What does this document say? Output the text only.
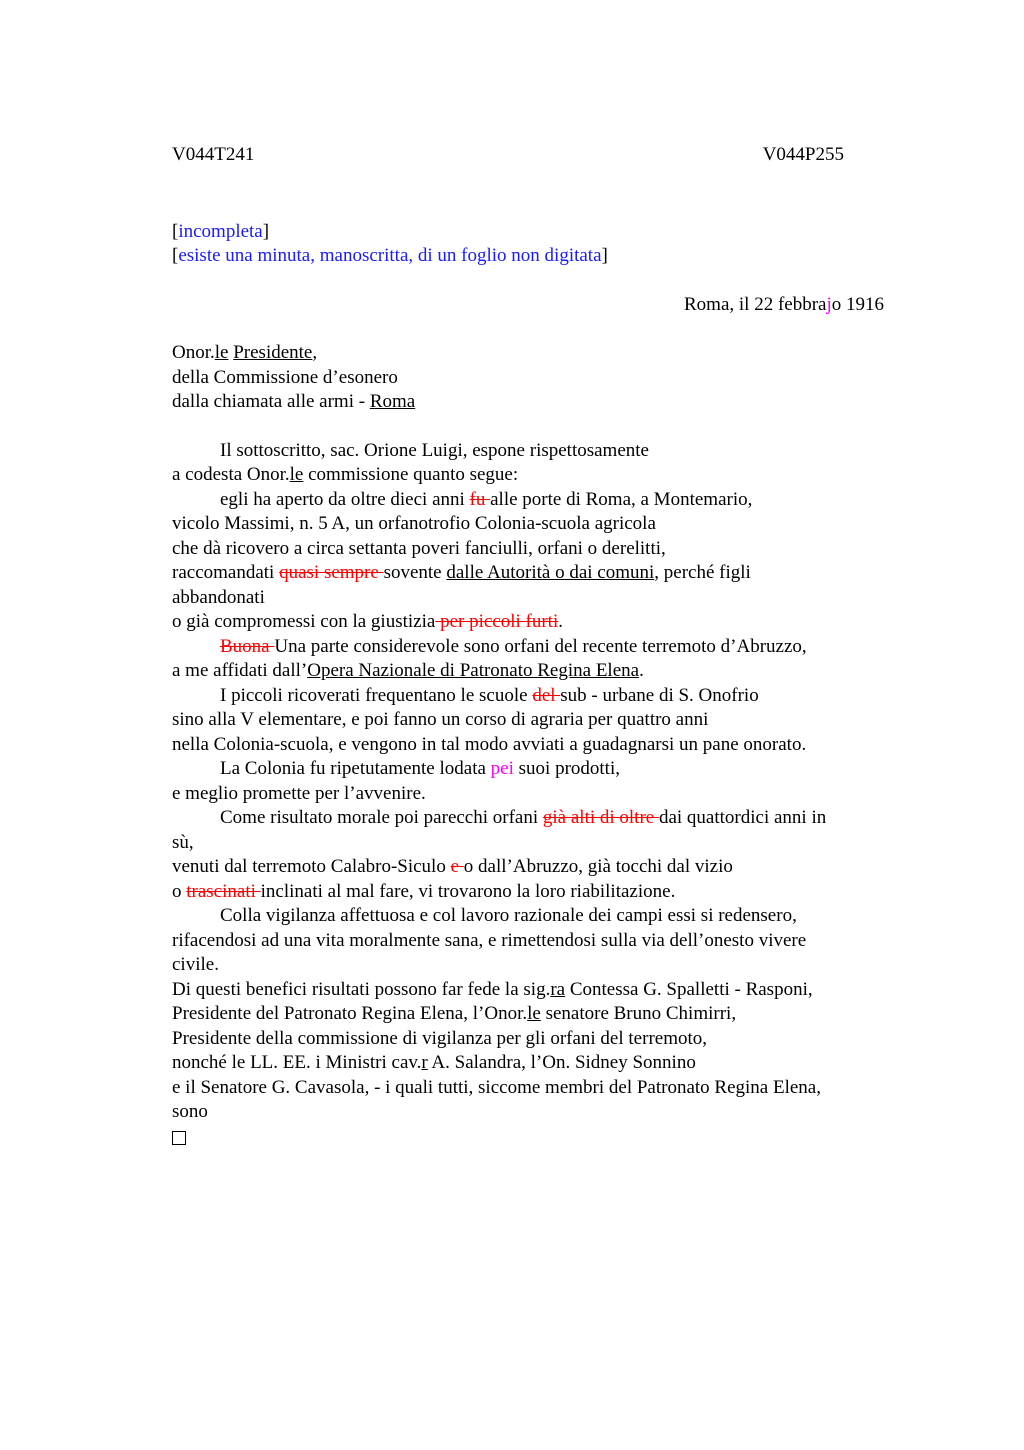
V044T241	V044P255
[incompleta]
[esiste una minuta, manoscritta, di un foglio non digitata]
Roma, il 22 febbrajo 1916
Onor.le Presidente,
della Commissione d’esonero
dalla chiamata alle armi - Roma
Il sottoscritto, sac. Orione Luigi, espone rispettosamente
a codesta Onor.le commissione quanto segue:
egli ha aperto da oltre dieci anni fu alle porte di Roma, a Montemario,
vicolo Massimi, n. 5 A, un orfanotrofio Colonia-scuola agricola
che dà ricovero a circa settanta poveri fanciulli, orfani o derelitti,
raccomandati quasi sempre sovente dalle Autorità o dai comuni, perché figli
abbandonati
o già compromessi con la giustizia per piccoli furti.
Buona Una parte considerevole sono orfani del recente terremoto d’Abruzzo,
a me affidati dall’Opera Nazionale di Patronato Regina Elena.
I piccoli ricoverati frequentano le scuole del sub - urbane di S. Onofrio
sino alla V elementare, e poi fanno un corso di agraria per quattro anni
nella Colonia-scuola, e vengono in tal modo avviati a guadagnarsi un pane onorato.
La Colonia fu ripetutamente lodata pei suoi prodotti,
e meglio promette per l’avvenire.
Come risultato morale poi parecchi orfani già alti di oltre dai quattordici anni in
sù,
venuti dal terremoto Calabro-Siculo e o dall’Abruzzo, già tocchi dal vizio
o trascinati inclinati al mal fare, vi trovarono la loro riabilitazione.
Colla vigilanza affettuosa e col lavoro razionale dei campi essi si redensero,
rifacendosi ad una vita moralmente sana, e rimettendosi sulla via dell’onesto vivere
civile.
Di questi benefici risultati possono far fede la sig.ra Contessa G. Spalletti - Rasponi,
Presidente del Patronato Regina Elena, l’Onor.le senatore Bruno Chimirri,
Presidente della commissione di vigilanza per gli orfani del terremoto,
nonché le LL. EE. i Ministri cav.r A. Salandra, l’On. Sidney Sonnino
e il Senatore G. Cavasola, - i quali tutti, siccome membri del Patronato Regina Elena,
sono
